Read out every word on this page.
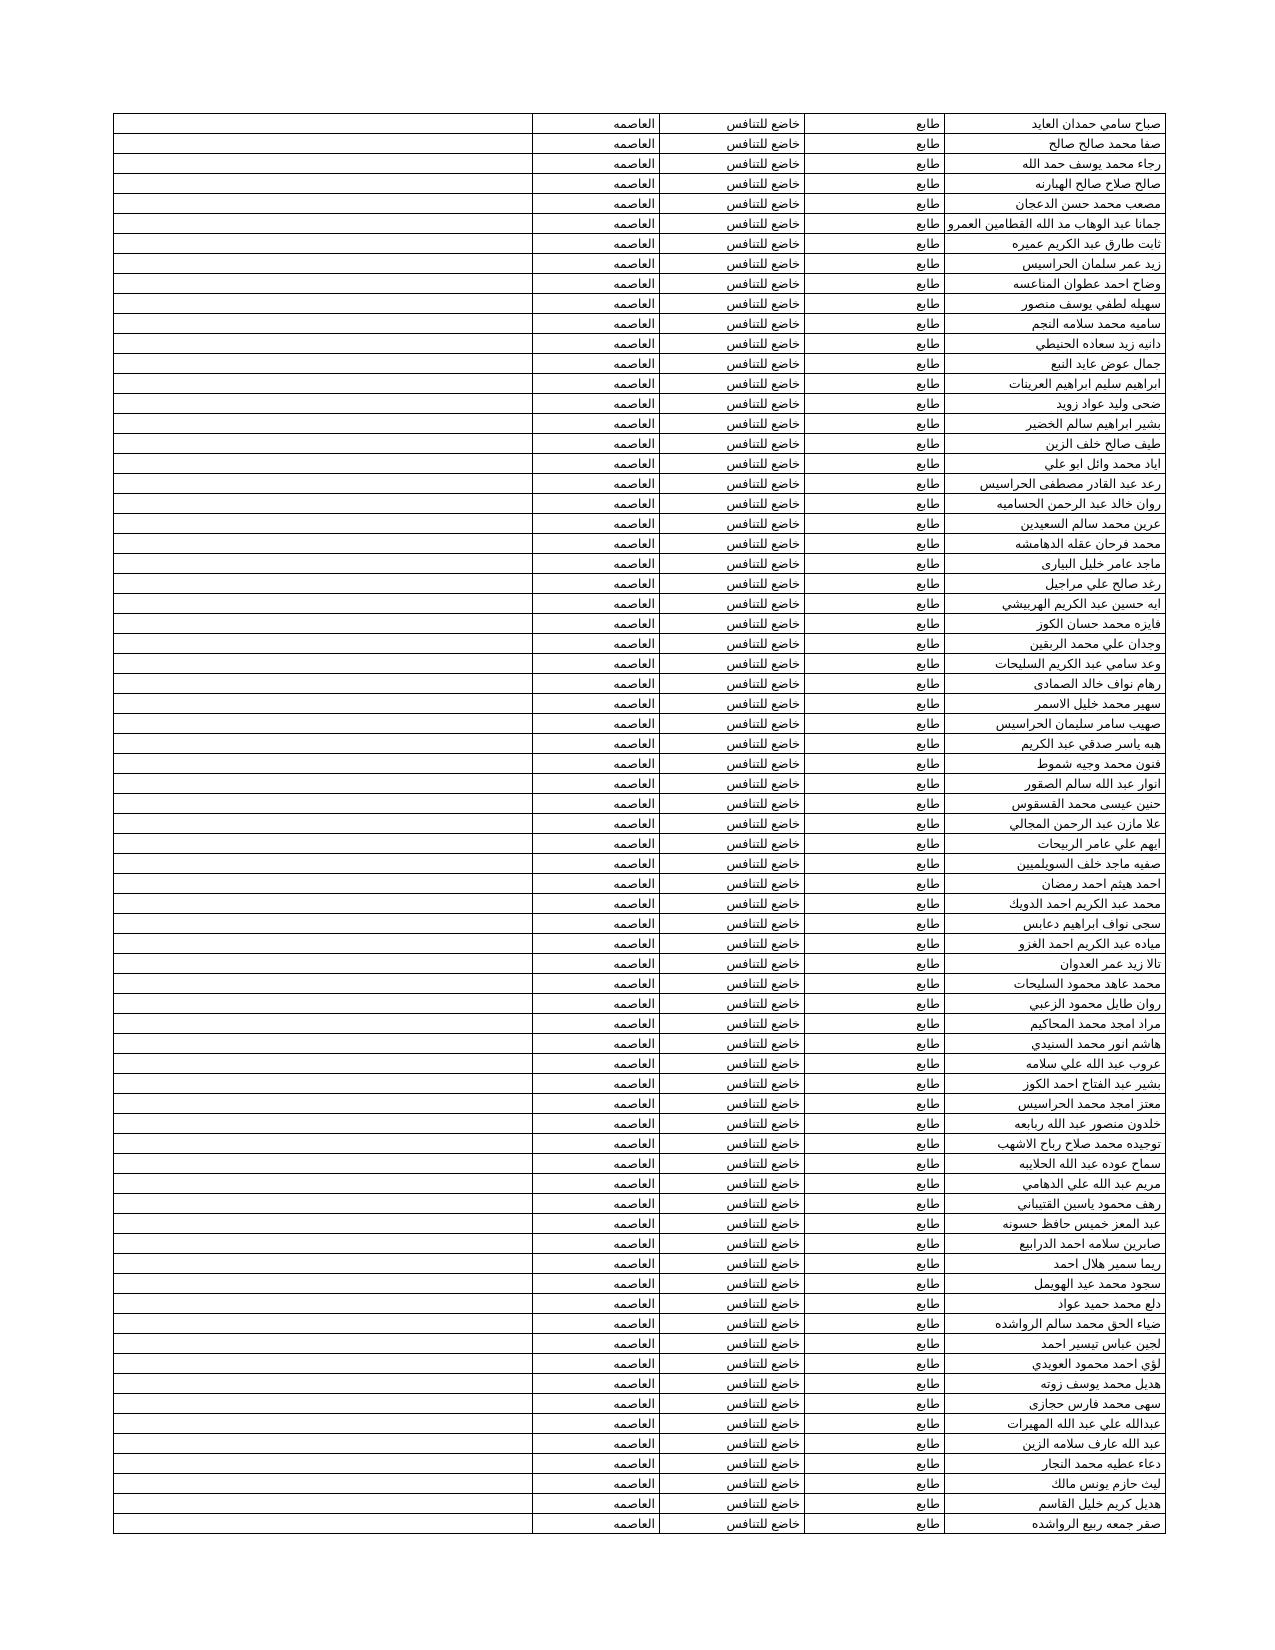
	العاصمه	خاضع للتنافس	طابع	صباح سامي حمدان العايد
	العاصمه	خاضع للتنافس	طابع	صفا محمد صالح صالح
	العاصمه	خاضع للتنافس	طابع	رجاء محمد يوسف حمد الله
	العاصمه	خاضع للتنافس	طابع	صالح صلاح صالح الهبارنه
	العاصمه	خاضع للتنافس	طابع	مصعب محمد حسن الدعجان
	العاصمه	خاضع للتنافس	طابع	جمانا عبد الوهاب مد الله القطامين العمرو
	العاصمه	خاضع للتنافس	طابع	ثابت طارق عبد الكريم عميره
	العاصمه	خاضع للتنافس	طابع	زيد عمر سلمان الحراسيس
	العاصمه	خاضع للتنافس	طابع	وضاح احمد عطوان المناعسه
	العاصمه	خاضع للتنافس	طابع	سهيله لطفي يوسف منصور
	العاصمه	خاضع للتنافس	طابع	ساميه محمد سلامه النجم
	العاصمه	خاضع للتنافس	طابع	دانيه زيد سعاده الحنيطي
	العاصمه	خاضع للتنافس	طابع	جمال عوض عايد النبع
	العاصمه	خاضع للتنافس	طابع	ابراهيم سليم ابراهيم العرينات
	العاصمه	خاضع للتنافس	طابع	ضحى وليد عواد زويد
	العاصمه	خاضع للتنافس	طابع	بشير ابراهيم سالم الخضير
	العاصمه	خاضع للتنافس	طابع	طيف صالح خلف الزين
	العاصمه	خاضع للتنافس	طابع	اياد محمد وائل ابو علي
	العاصمه	خاضع للتنافس	طابع	رعد عبد القادر مصطفى الحراسيس
	العاصمه	خاضع للتنافس	طابع	روان خالد عبد الرحمن الحساميه
	العاصمه	خاضع للتنافس	طابع	عرين محمد سالم السعيدين
	العاصمه	خاضع للتنافس	طابع	محمد فرحان عقله الدهامشه
	العاصمه	خاضع للتنافس	طابع	ماجد عامر خليل البيارى
	العاصمه	خاضع للتنافس	طابع	رغد صالح علي مراجيل
	العاصمه	خاضع للتنافس	طابع	ايه حسين عبد الكريم الهربيشي
	العاصمه	خاضع للتنافس	طابع	فايزه محمد حسان الكوز
	العاصمه	خاضع للتنافس	طابع	وجدان علي محمد الربقين
	العاصمه	خاضع للتنافس	طابع	وعد سامي عبد الكريم السليحات
	العاصمه	خاضع للتنافس	طابع	رهام نواف خالد الصمادى
	العاصمه	خاضع للتنافس	طابع	سهير محمد خليل الاسمر
	العاصمه	خاضع للتنافس	طابع	صهيب سامر سليمان الحراسيس
	العاصمه	خاضع للتنافس	طابع	هبه ياسر صدقي عبد الكريم
	العاصمه	خاضع للتنافس	طابع	فنون محمد وجيه شموط
	العاصمه	خاضع للتنافس	طابع	انوار عبد الله سالم الصقور
	العاصمه	خاضع للتنافس	طابع	حنين عيسى محمد القسقوس
	العاصمه	خاضع للتنافس	طابع	علا مازن عبد الرحمن المجالي
	العاصمه	خاضع للتنافس	طابع	ايهم علي عامر الربيحات
	العاصمه	خاضع للتنافس	طابع	صفيه ماجد خلف السويلميين
	العاصمه	خاضع للتنافس	طابع	احمد هيثم احمد رمضان
	العاصمه	خاضع للتنافس	طابع	محمد عبد الكريم احمد الدويك
	العاصمه	خاضع للتنافس	طابع	سجى نواف ابراهيم دعابس
	العاصمه	خاضع للتنافس	طابع	مياده عبد الكريم احمد الغزو
	العاصمه	خاضع للتنافس	طابع	تالا زيد عمر العدوان
	العاصمه	خاضع للتنافس	طابع	محمد عاهد محمود السليحات
	العاصمه	خاضع للتنافس	طابع	روان طايل محمود الزعبي
	العاصمه	خاضع للتنافس	طابع	مراد امجد محمد المحاكيم
	العاصمه	خاضع للتنافس	طابع	هاشم انور محمد السنيدي
	العاصمه	خاضع للتنافس	طابع	عروب عبد الله علي سلامه
	العاصمه	خاضع للتنافس	طابع	بشير عبد الفتاح احمد الكوز
	العاصمه	خاضع للتنافس	طابع	معتز امجد محمد الحراسيس
	العاصمه	خاضع للتنافس	طابع	خلدون منصور عبد الله ربابعه
	العاصمه	خاضع للتنافس	طابع	توجيده محمد صلاح رباح الاشهب
	العاصمه	خاضع للتنافس	طابع	سماح عوده عبد الله الحلايبه
	العاصمه	خاضع للتنافس	طابع	مريم عبد الله علي الدهامي
	العاصمه	خاضع للتنافس	طابع	رهف محمود ياسين القتيباني
	العاصمه	خاضع للتنافس	طابع	عبد المعز خميس حافظ حسونه
	العاصمه	خاضع للتنافس	طابع	صابرين سلامه احمد الدرابيع
	العاصمه	خاضع للتنافس	طابع	ريما سمير هلال احمد
	العاصمه	خاضع للتنافس	طابع	سجود محمد عيد الهويمل
	العاصمه	خاضع للتنافس	طابع	دلع محمد حميد عواد
	العاصمه	خاضع للتنافس	طابع	ضياء الحق محمد سالم الرواشده
	العاصمه	خاضع للتنافس	طابع	لجين عباس تيسير احمد
	العاصمه	خاضع للتنافس	طابع	لؤي احمد محمود العويدي
	العاصمه	خاضع للتنافس	طابع	هديل محمد يوسف زوته
	العاصمه	خاضع للتنافس	طابع	سهى محمد فارس حجازى
	العاصمه	خاضع للتنافس	طابع	عبدالله علي عبد الله المهيرات
	العاصمه	خاضع للتنافس	طابع	عبد الله عارف سلامه الزين
	العاصمه	خاضع للتنافس	طابع	دعاء عطيه محمد النجار
	العاصمه	خاضع للتنافس	طابع	ليث حازم يونس مالك
	العاصمه	خاضع للتنافس	طابع	هديل كريم خليل القاسم
	العاصمه	خاضع للتنافس	طابع	صقر جمعه ربيع الرواشده
